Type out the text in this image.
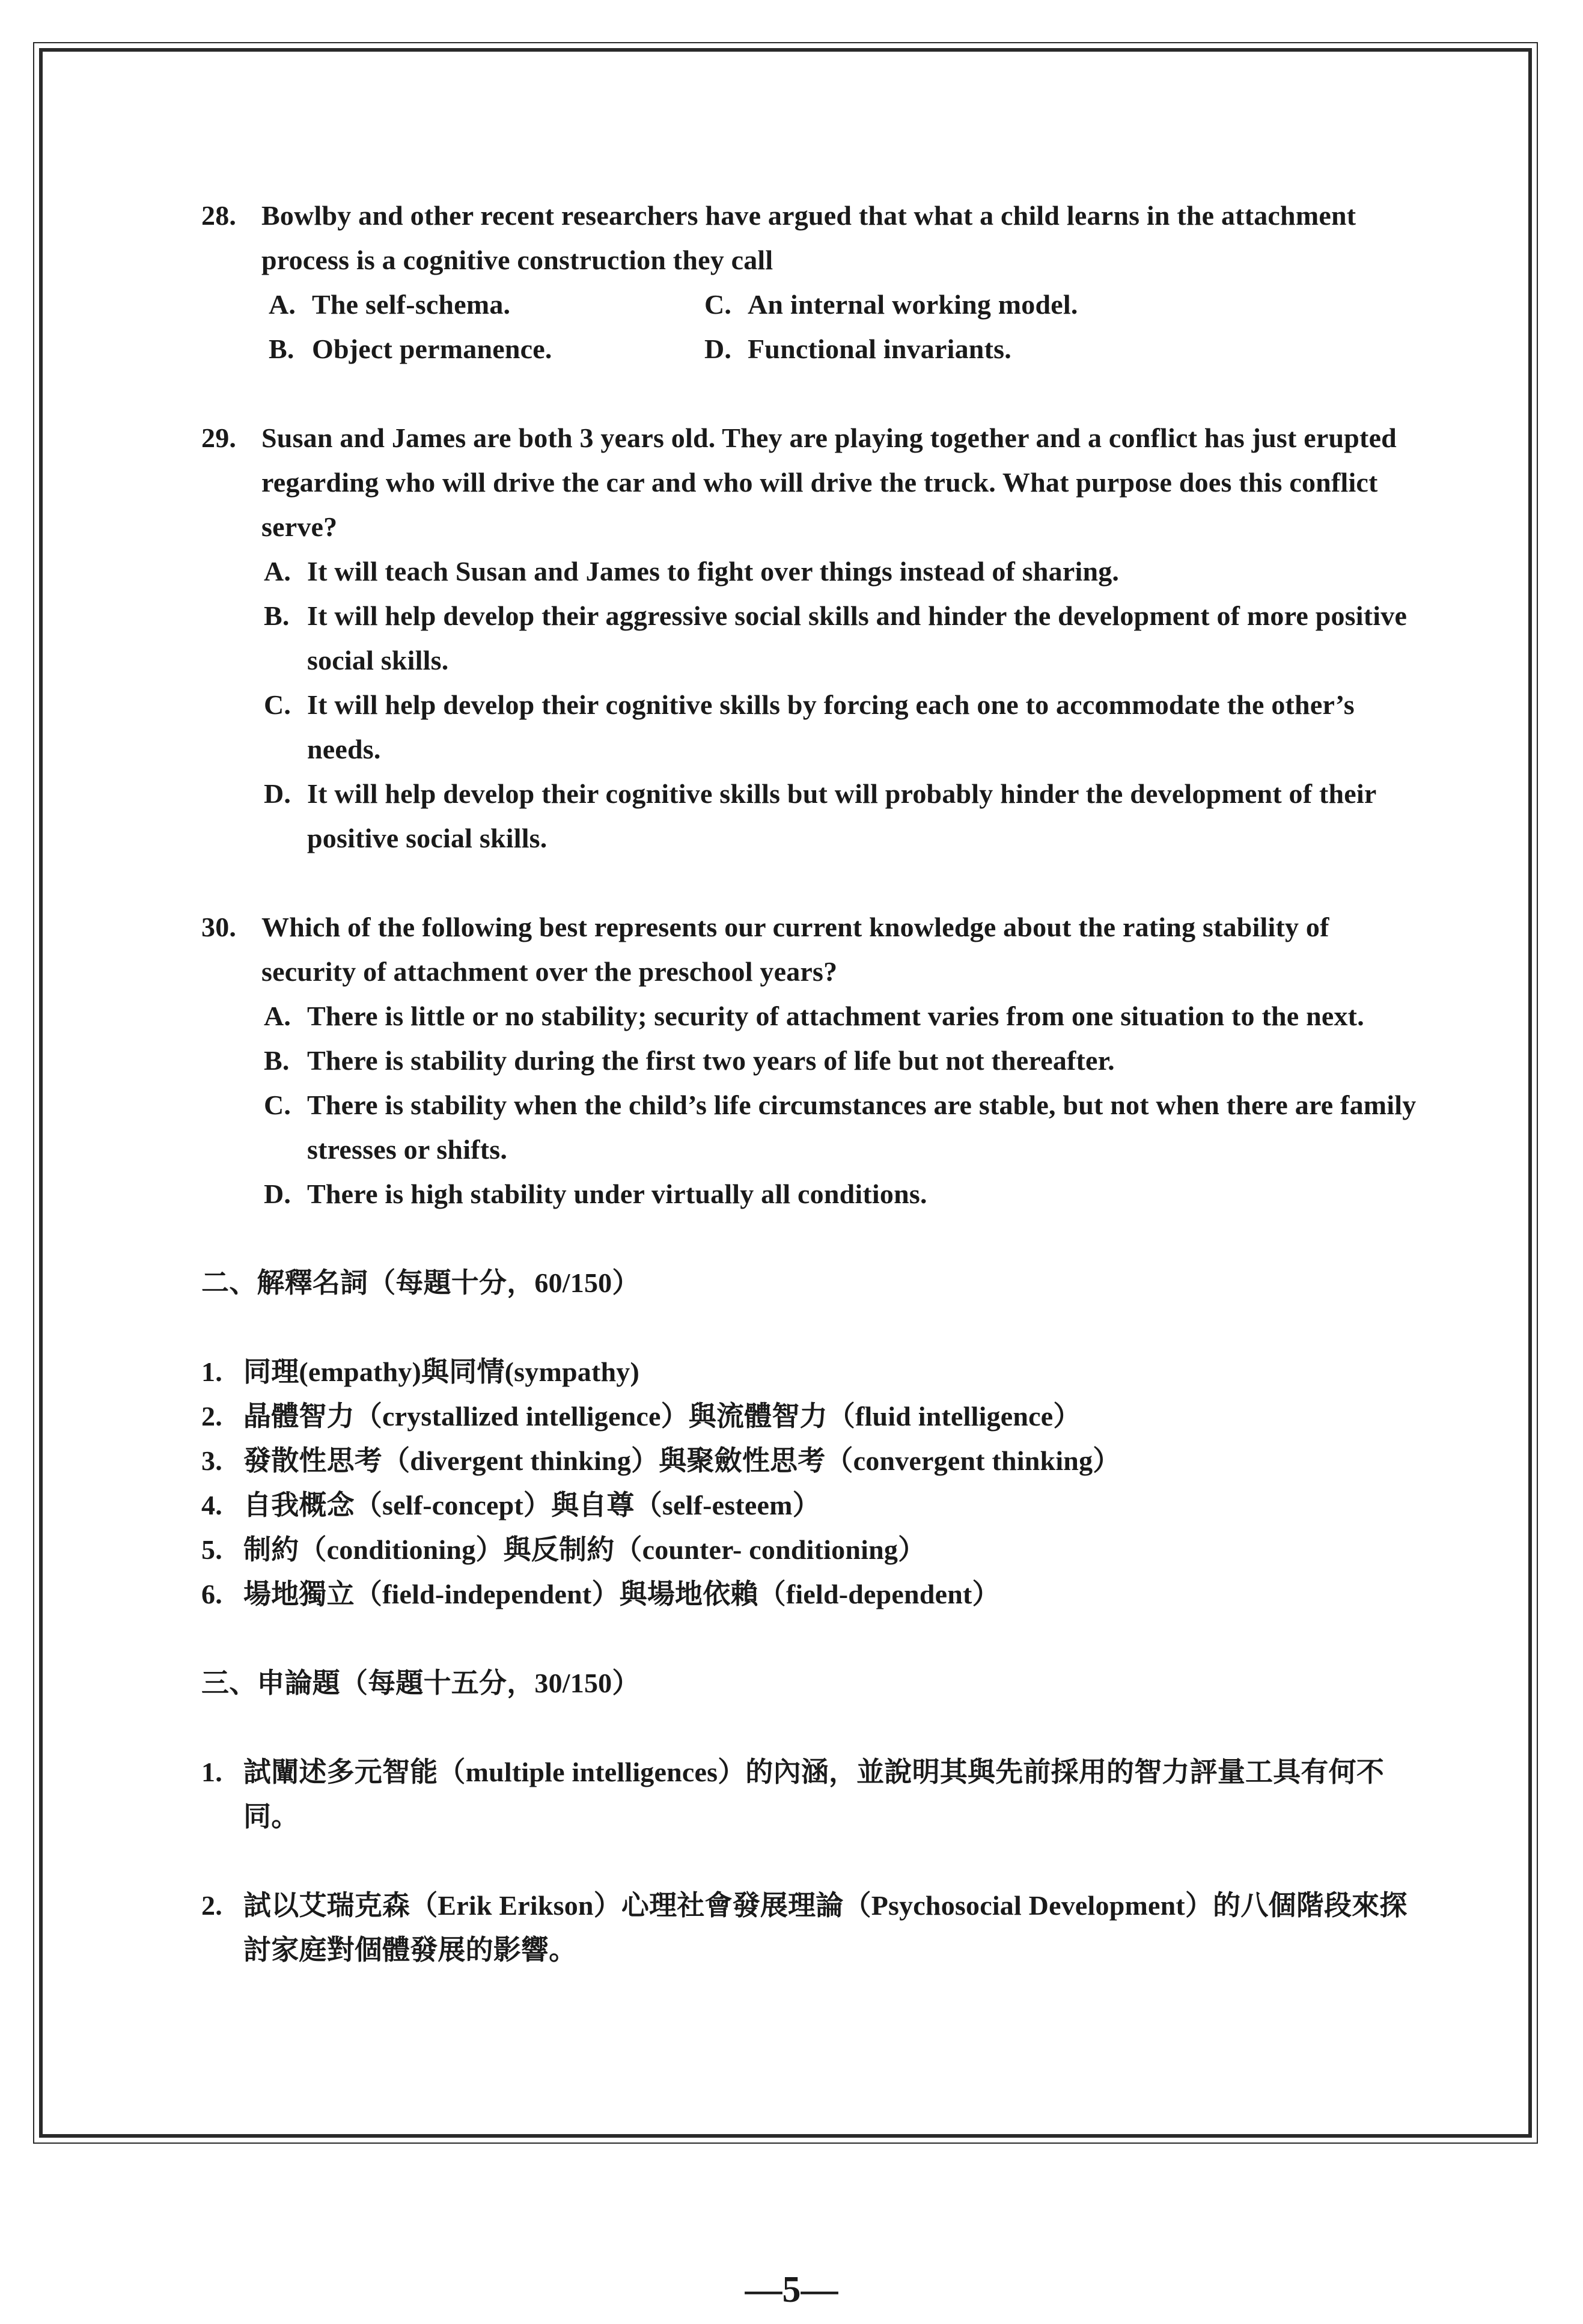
28. Bowlby and other recent researchers have argued that what a child learns in the attachment process is a cognitive construction they call
A. The self-schema.	C. An internal working model.
B. Object permanence.	D. Functional invariants.
29. Susan and James are both 3 years old. They are playing together and a conflict has just erupted regarding who will drive the car and who will drive the truck. What purpose does this conflict serve?
A. It will teach Susan and James to fight over things instead of sharing.
B. It will help develop their aggressive social skills and hinder the development of more positive social skills.
C. It will help develop their cognitive skills by forcing each one to accommodate the other’s needs.
D. It will help develop their cognitive skills but will probably hinder the development of their positive social skills.
30. Which of the following best represents our current knowledge about the rating stability of security of attachment over the preschool years?
A. There is little or no stability; security of attachment varies from one situation to the next.
B. There is stability during the first two years of life but not thereafter.
C. There is stability when the child’s life circumstances are stable, but not when there are family stresses or shifts.
D. There is high stability under virtually all conditions.
二、解釋名詞（每題十分，60/150）
1. 同理(empathy)與同情(sympathy)
2. 晶體智力（crystallized intelligence）與流體智力（fluid intelligence）
3. 發散性思考（divergent thinking）與聚斂性思考（convergent thinking）
4. 自我概念（self-concept）與自尊（self-esteem）
5. 制約（conditioning）與反制約（counter- conditioning）
6. 場地獨立（field-independent）與場地依賴（field-dependent）
三、申論題（每題十五分，30/150）
1. 試闡述多元智能（multiple intelligences）的內涵，並說明其與先前採用的智力評量工具有何不同。
2. 試以艾瑞克森（Erik Erikson）心理社會發展理論（Psychosocial Development）的八個階段來探討家庭對個體發展的影響。
—5—
